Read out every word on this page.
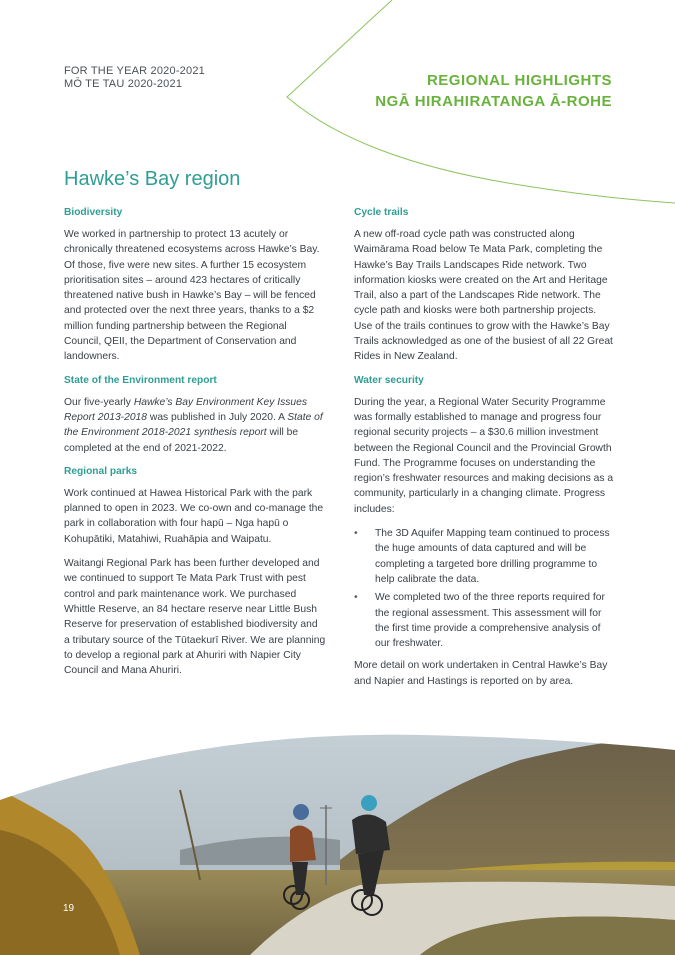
FOR THE YEAR 2020-2021
MŌ TE TAU 2020-2021	REGIONAL HIGHLIGHTS
NGĀ HIRAHIRATANGA Ā-ROHE
Hawke’s Bay region
Biodiversity

We worked in partnership to protect 13 acutely or chronically threatened ecosystems across Hawke’s Bay. Of those, five were new sites. A further 15 ecosystem prioritisation sites – around 423 hectares of critically threatened native bush in Hawke’s Bay – will be fenced and protected over the next three years, thanks to a $2 million funding partnership between the Regional Council, QEII, the Department of Conservation and landowners.

State of the Environment report

Our five-yearly Hawke’s Bay Environment Key Issues Report 2013-2018 was published in July 2020. A State of the Environment 2018-2021 synthesis report will be completed at the end of 2021-2022.

Regional parks

Work continued at Hawea Historical Park with the park planned to open in 2023. We co-own and co-manage the park in collaboration with four hapū – Nga hapū o Kohupātiki, Matahiwi, Ruahāpia and Waipatu.

Waitangi Regional Park has been further developed and we continued to support Te Mata Park Trust with pest control and park maintenance work. We purchased Whittle Reserve, an 84 hectare reserve near Little Bush Reserve for preservation of established biodiversity and a tributary source of the Tūtaekurī River. We are planning to develop a regional park at Ahuriri with Napier City Council and Mana Ahuriri.

Cycle trails

A new off-road cycle path was constructed along Waimārama Road below Te Mata Park, completing the Hawke’s Bay Trails Landscapes Ride network. Two information kiosks were created on the Art and Heritage Trail, also a part of the Landscapes Ride network. The cycle path and kiosks were both partnership projects. Use of the trails continues to grow with the Hawke’s Bay Trails acknowledged as one of the busiest of all 22 Great Rides in New Zealand.

Water security

During the year, a Regional Water Security Programme was formally established to manage and progress four regional security projects – a $30.6 million investment between the Regional Council and the Provincial Growth Fund. The Programme focuses on understanding the region’s freshwater resources and making decisions as a community, particularly in a changing climate. Progress includes:

• The 3D Aquifer Mapping team continued to process the huge amounts of data captured and will be completing a targeted bore drilling programme to help calibrate the data.
• We completed two of the three reports required for the regional assessment. This assessment will for the first time provide a comprehensive analysis of our freshwater.

More detail on work undertaken in Central Hawke’s Bay and Napier and Hastings is reported on by area.

19
